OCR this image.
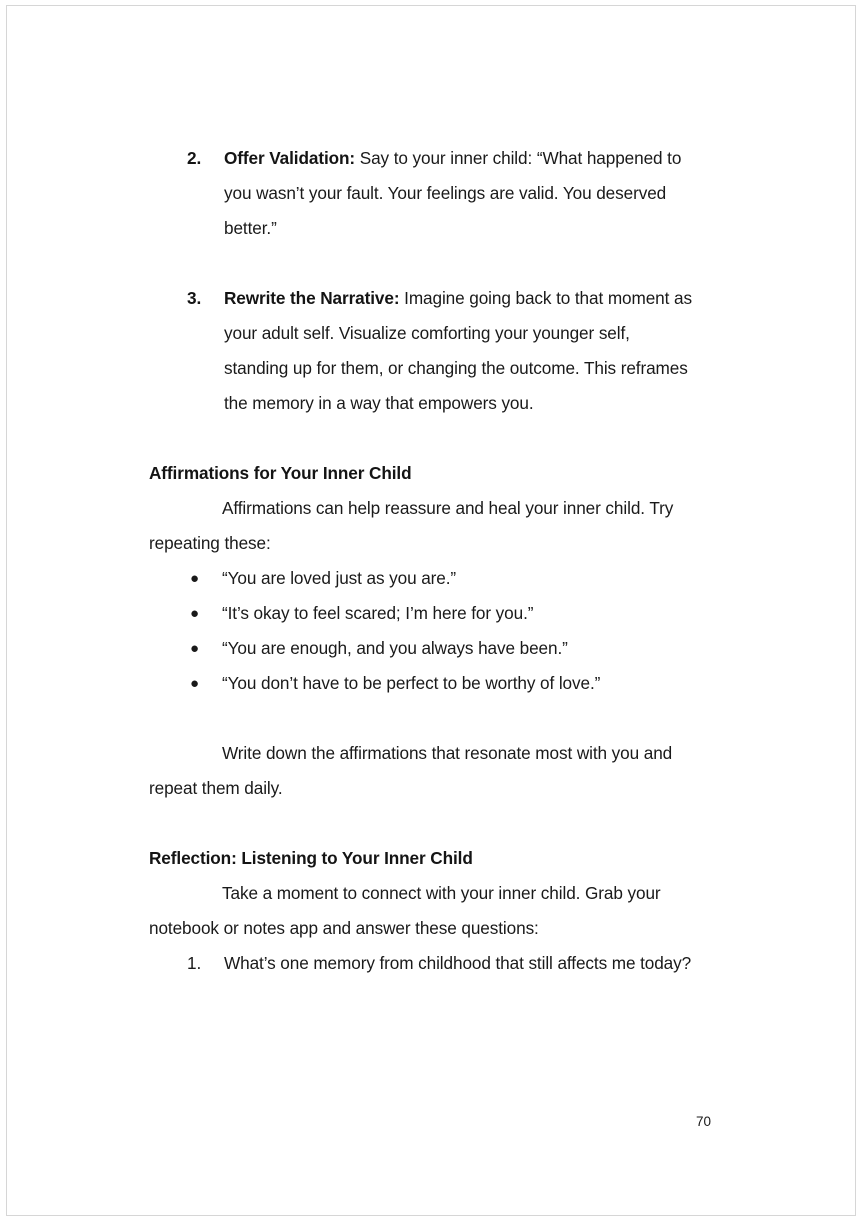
2.	Offer Validation: Say to your inner child: “What happened to you wasn’t your fault. Your feelings are valid. You deserved better.”
3.	Rewrite the Narrative: Imagine going back to that moment as your adult self. Visualize comforting your younger self, standing up for them, or changing the outcome. This reframes the memory in a way that empowers you.
Affirmations for Your Inner Child

Affirmations can help reassure and heal your inner child. Try repeating these:

● “You are loved just as you are.”
● “It’s okay to feel scared; I’m here for you.”
● “You are enough, and you always have been.”
● “You don’t have to be perfect to be worthy of love.”

Write down the affirmations that resonate most with you and repeat them daily.

Reflection: Listening to Your Inner Child

Take a moment to connect with your inner child. Grab your notebook or notes app and answer these questions:

1.	What’s one memory from childhood that still affects me today?
70
